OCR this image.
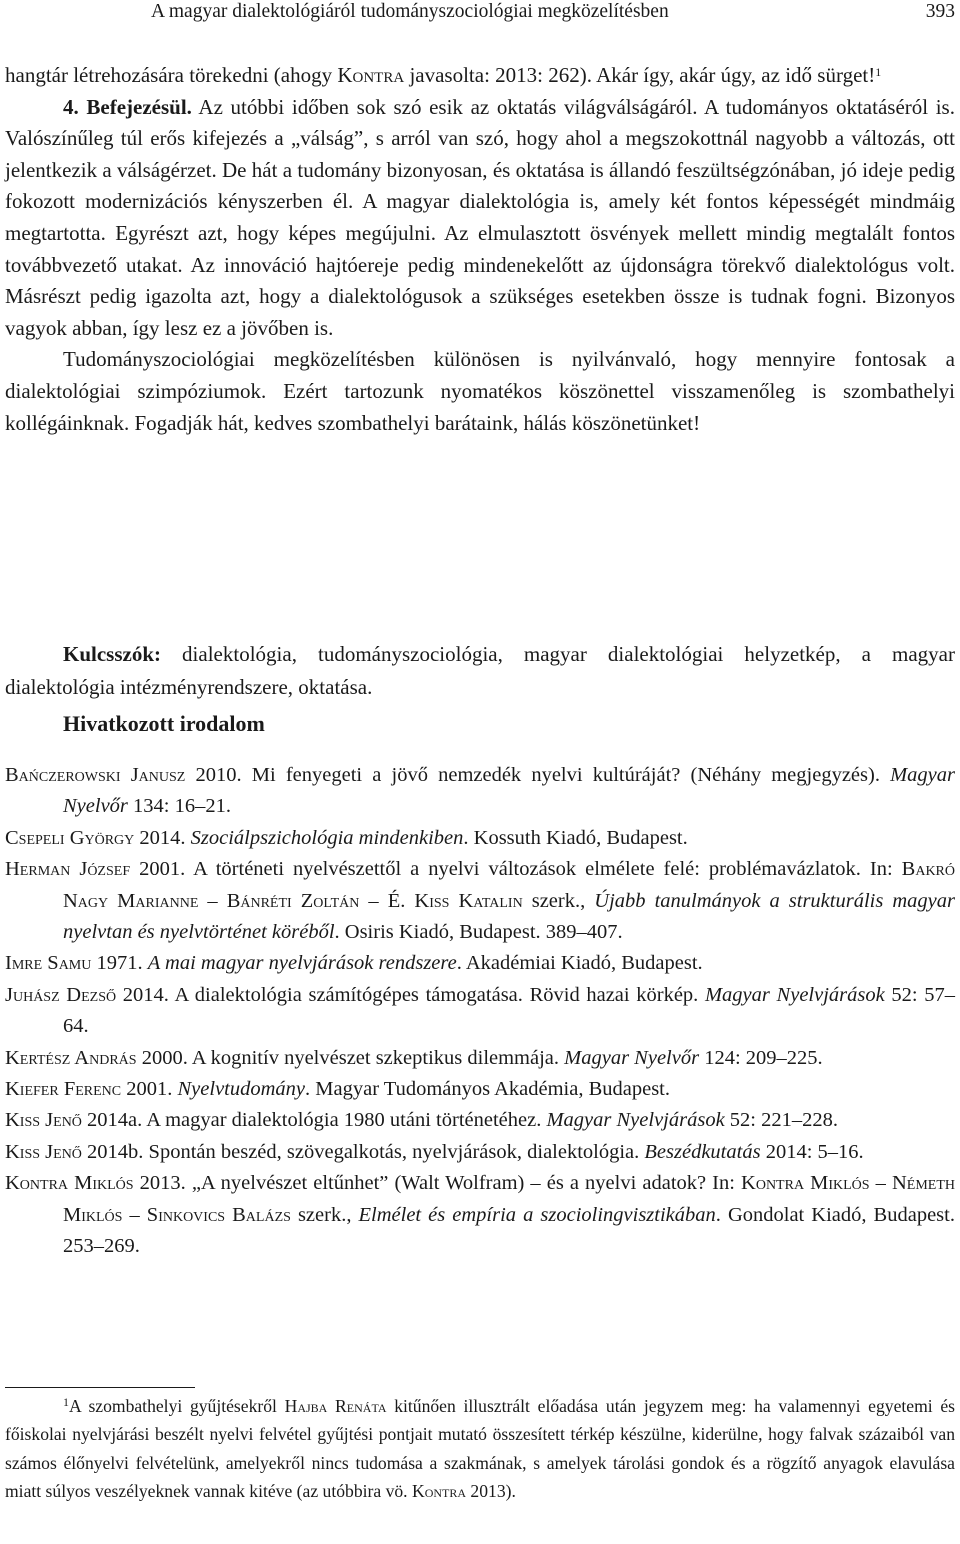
A magyar dialektológiáról tudományszociológiai megközelítésben	393

hangtár létrehozására törekedni (ahogy Kontra javasolta: 2013: 262). Akár így, akár úgy, az idő sürget!$^1$

4. Befejezésül. Az utóbbi időben sok szó esik az oktatás világválságáról. A tudományos oktatáséról is. Valószínűleg túl erős kifejezés a „válság”, s arról van szó, hogy ahol a megszokottnál nagyobb a változás, ott jelentkezik a válságérzet. De hát a tudomány bizonyosan, és oktatása is állandó feszültségzónában, jó ideje pedig fokozott modernizációs kényszerben él. A magyar dialektológia is, amely két fontos képességét mindmáig megtartotta. Egyrészt azt, hogy képes megújulni. Az elmulasztott ösvények mellett mindig megtalált fontos továbbvezető utakat. Az innováció hajtóereje pedig mindenekelőtt az újdonságra törekvő dialektológus volt. Másrészt pedig igazolta azt, hogy a dialektológusok a szükséges esetekben össze is tudnak fogni. Bizonyos vagyok abban, így lesz ez a jövőben is.

Tudományszociológiai megközelítésben különösen is nyilvánvaló, hogy mennyire fontosak a dialektológiai szimpóziumok. Ezért tartozunk nyomatékos köszönettel visszamenőleg is szombathelyi kollégáinknak. Fogadják hát, kedves szombathelyi barátaink, hálás köszönetünket!

Kulcsszók: dialektológia, tudományszociológia, magyar dialektológiai helyzetkép, a magyar dialektológia intézményrendszere, oktatása.

Hivatkozott irodalom

Bańczerowski Janusz 2010. Mi fenyegeti a jövő nemzedék nyelvi kultúráját? (Néhány megjegyzés). Magyar Nyelvőr 134: 16–21.

Csepeli György 2014. Szociálpszichológia mindenkiben. Kossuth Kiadó, Budapest.

Herman József 2001. A történeti nyelvészettől a nyelvi változások elmélete felé: problémavázlatok. In: Bakró Nagy Marianne – Bánréti Zoltán – É. Kiss Katalin szerk., Újabb tanulmányok a strukturális magyar nyelvtan és nyelvtörténet köréből. Osiris Kiadó, Budapest. 389–407.

Imre Samu 1971. A mai magyar nyelvjárások rendszere. Akadémiai Kiadó, Budapest.

Juhász Dezső 2014. A dialektológia számítógépes támogatása. Rövid hazai körkép. Magyar Nyelvjárások 52: 57–64.

Kertész András 2000. A kognitív nyelvészet szkeptikus dilemmája. Magyar Nyelvőr 124: 209–225.

Kiefer Ferenc 2001. Nyelvtudomány. Magyar Tudományos Akadémia, Budapest.

Kiss Jenő 2014a. A magyar dialektológia 1980 utáni történetéhez. Magyar Nyelvjárások 52: 221–228.

Kiss Jenő 2014b. Spontán beszéd, szövegalkotás, nyelvjárások, dialektológia. Beszédkutatás 2014: 5–16.

Kontra Miklós 2013. „A nyelvészet eltűnhet” (Walt Wolfram) – és a nyelvi adatok? In: Kontra Miklós – Németh Miklós – Sinkovics Balázs szerk., Elmélet és empíria a szociolingvisztikában. Gondolat Kiadó, Budapest. 253–269.

$^1$A szombathelyi gyűjtésekről Hajba Renáta kitűnően illusztrált előadása után jegyzem meg: ha valamennyi egyetemi és főiskolai nyelvjárási beszélt nyelvi felvétel gyűjtési pontjait mutató összesített térkép készülne, kiderülne, hogy falvak százaiból van számos élőnyelvi felvételünk, amelyekről nincs tudomása a szakmának, s amelyek tárolási gondok és a rögzítő anyagok elavulása miatt súlyos veszélyeknek vannak kitéve (az utóbbira vö. Kontra 2013).
